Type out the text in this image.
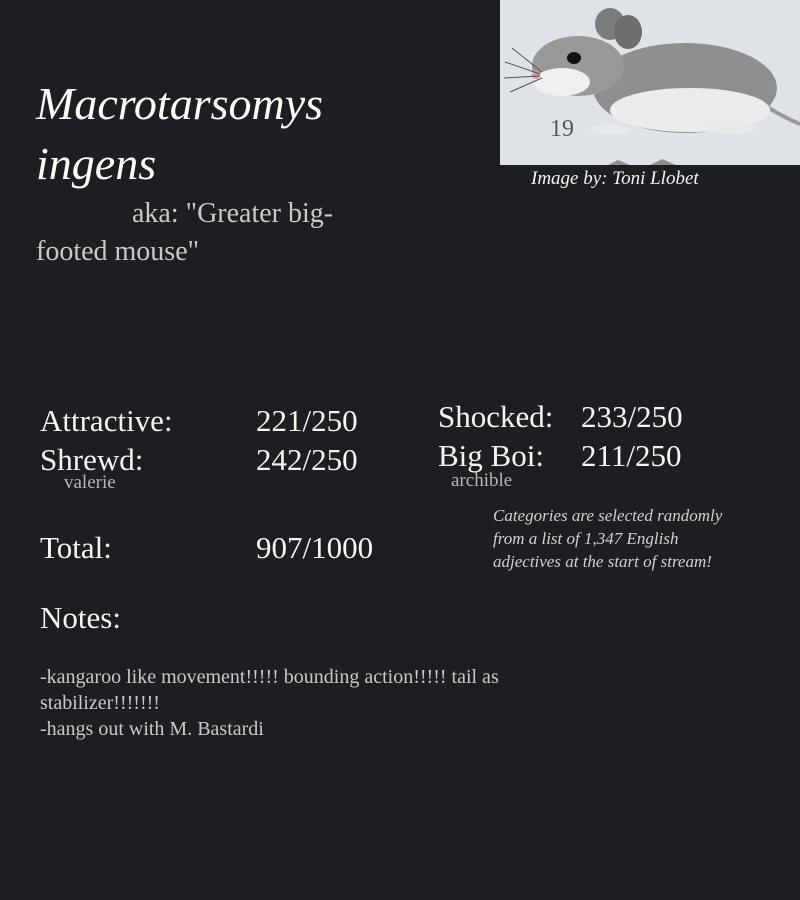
Macrotarsomys ingens
aka: "Greater big-footed mouse"
19
Image by: Toni Llobet
Attractive:	221/250
Shrewd:	242/250
valerie
Shocked: 233/250
Big Boi: 211/250
archible
Total:	907/1000
Categories are selected randomly from a list of 1,347 English adjectives at the start of stream!
Notes:
-kangaroo like movement!!!!! bounding action!!!!! tail as stabilizer!!!!!!!
-hangs out with M. Bastardi
